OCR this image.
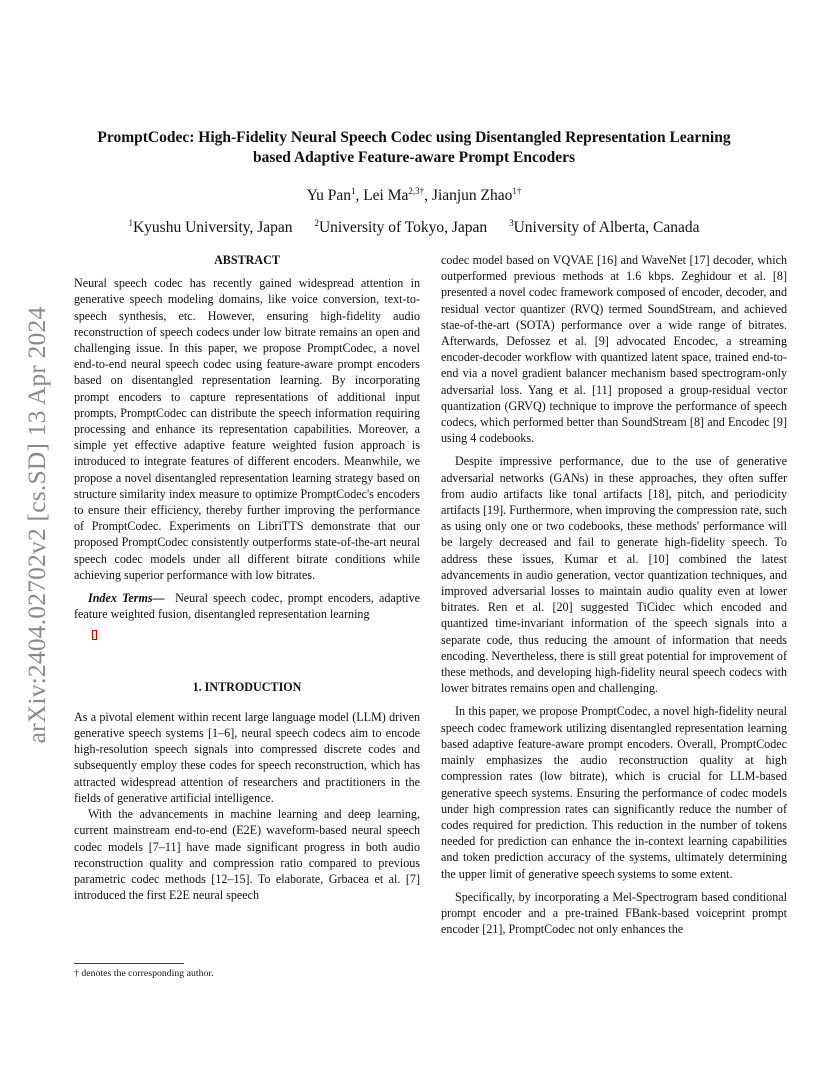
arXiv:2404.02702v2 [cs.SD] 13 Apr 2024
PromptCodec: High-Fidelity Neural Speech Codec using Disentangled Representation Learning
based Adaptive Feature-aware Prompt Encoders
Yu Pan$^1$, Lei $Ma^{2,3\dagger}$, Jianjun Zhao$^{1\dagger}$
$^1$Kyushu University, Japan $^2$University of Tokyo, Japan $^3$University of Alberta, Canada

ABSTRACT

Neural speech codec has recently gained widespread attention in generative speech modeling domains, like voice conversion, text-to-speech synthesis, etc. However, ensuring high-fidelity audio reconstruction of speech codecs under low bitrate remains an open and challenging issue. In this paper, we propose PromptCodec, a novel end-to-end neural speech codec using feature-aware prompt encoders based on disentangled representation learning. By incorporating prompt encoders to capture representations of additional input prompts, PromptCodec can distribute the speech information requiring processing and enhance its representation capabilities. Moreover, a simple yet effective adaptive feature weighted fusion approach is introduced to integrate features of different encoders. Meanwhile, we propose a novel disentangled representation learning strategy based on structure similarity index measure to optimize PromptCodec's encoders to ensure their efficiency, thereby further improving the performance of PromptCodec. Experiments on LibriTTS demonstrate that our proposed PromptCodec consistently outperforms state-of-the-art neural speech codec models under all different bitrate conditions while achieving superior performance with low bitrates.

Index Terms— Neural speech codec, prompt encoders, adaptive feature weighted fusion, disentangled representation learning

1. INTRODUCTION

As a pivotal element within recent large language model (LLM) driven generative speech systems [1–6], neural speech codecs aim to encode high-resolution speech signals into compressed discrete codes and subsequently employ these codes for speech reconstruction, which has attracted widespread attention of researchers and practitioners in the fields of generative artificial intelligence.

With the advancements in machine learning and deep learning, current mainstream end-to-end (E2E) waveform-based neural speech codec models [7–11] have made significant progress in both audio reconstruction quality and compression ratio compared to previous parametric codec methods [12–15]. To elaborate, Grbacea et al. [7] introduced the first E2E neural speech

† denotes the corresponding author.

codec model based on VQVAE [16] and WaveNet [17] decoder, which outperformed previous methods at 1.6 kbps. Zeghidour et al. [8] presented a novel codec framework composed of encoder, decoder, and residual vector quantizer (RVQ) termed SoundStream, and achieved stae-of-the-art (SOTA) performance over a wide range of bitrates. Afterwards, Defossez et al. [9] advocated Encodec, a streaming encoder-decoder workflow with quantized latent space, trained end-to-end via a novel gradient balancer mechanism based spectrogram-only adversarial loss. Yang et al. [11] proposed a group-residual vector quantization (GRVQ) technique to improve the performance of speech codecs, which performed better than SoundStream [8] and Encodec [9] using 4 codebooks.

Despite impressive performance, due to the use of generative adversarial networks (GANs) in these approaches, they often suffer from audio artifacts like tonal artifacts [18], pitch, and periodicity artifacts [19]. Furthermore, when improving the compression rate, such as using only one or two codebooks, these methods' performance will be largely decreased and fail to generate high-fidelity speech. To address these issues, Kumar et al. [10] combined the latest advancements in audio generation, vector quantization techniques, and improved adversarial losses to maintain audio quality even at lower bitrates. Ren et al. [20] suggested TiCidec which encoded and quantized time-invariant information of the speech signals into a separate code, thus reducing the amount of information that needs encoding. Nevertheless, there is still great potential for improvement of these methods, and developing high-fidelity neural speech codecs with lower bitrates remains open and challenging.

In this paper, we propose PromptCodec, a novel high-fidelity neural speech codec framework utilizing disentangled representation learning based adaptive feature-aware prompt encoders. Overall, PromptCodec mainly emphasizes the audio reconstruction quality at high compression rates (low bitrate), which is crucial for LLM-based generative speech systems. Ensuring the performance of codec models under high compression rates can significantly reduce the number of codes required for prediction. This reduction in the number of tokens needed for prediction can enhance the in-context learning capabilities and token prediction accuracy of the systems, ultimately determining the upper limit of generative speech systems to some extent.

Specifically, by incorporating a Mel-Spectrogram based conditional prompt encoder and a pre-trained FBank-based voiceprint prompt encoder [21], PromptCodec not only enhances the
